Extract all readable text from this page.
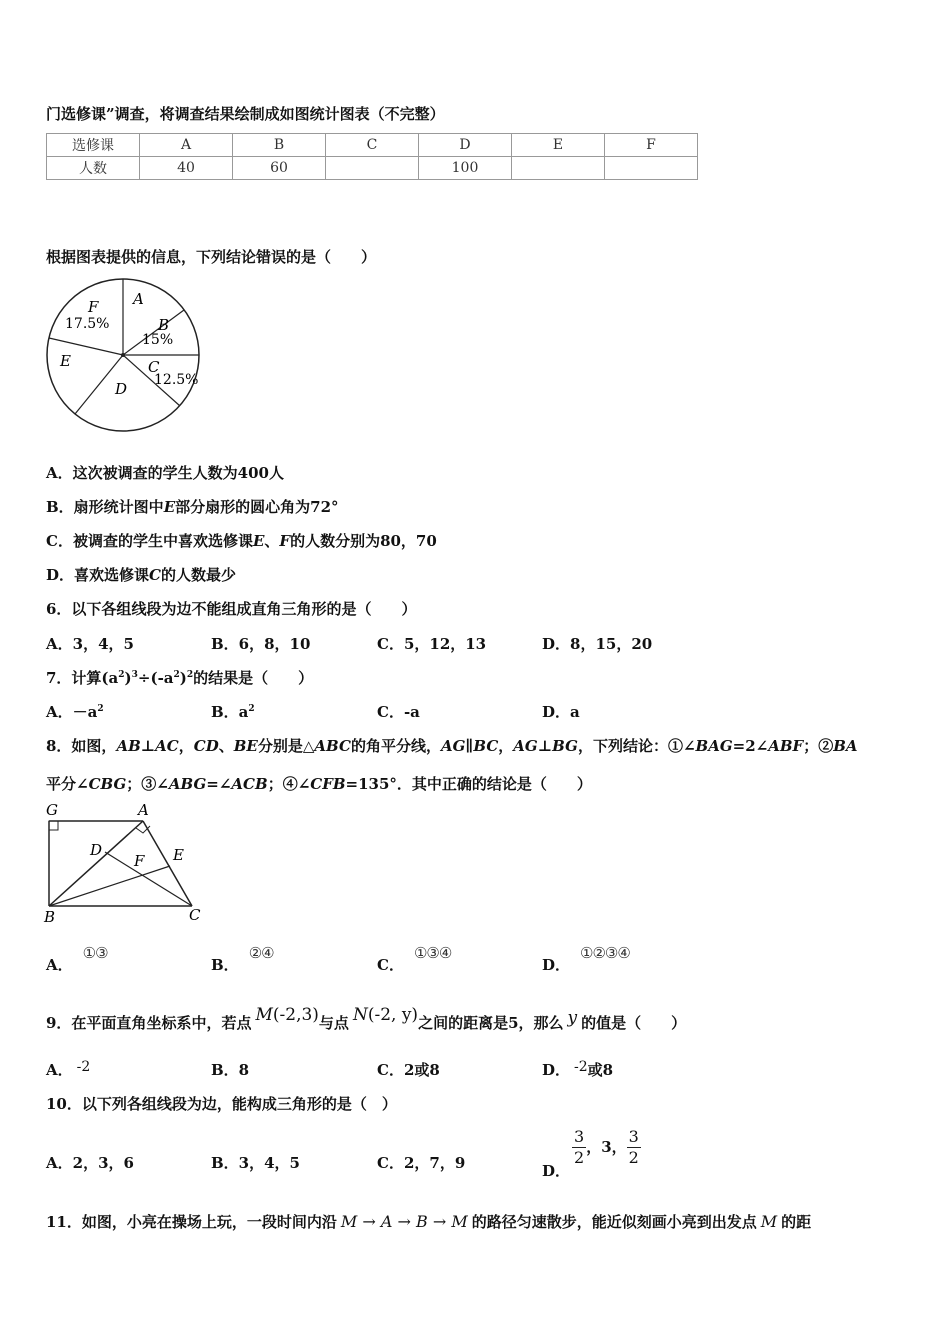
门选修课”调查，将调查结果绘制成如图统计图表（不完整）
选修课	A	B	C	D	E	F
人数	40	60		100		
根据图表提供的信息，下列结论错误的是（　　）
F
17.5%
A
B
15%
C
12.5%
E
D
A．这次被调查的学生人数为400人
B．扇形统计图中E部分扇形的圆心角为72°
C．被调查的学生中喜欢选修课E、F的人数分别为80，70
D．喜欢选修课C的人数最少
6．以下各组线段为边不能组成直角三角形的是（　　）
A．3，4，5	B．6，8，10	C．5，12，13	D．8，15，20
7．计算$(a^2)^3\div(-a^2)^2$的结果是（　　）
A．$-a^2$	B．$a^2$	C．-a	D．a
8．如图，AB⊥AC，CD、BE分别是△ABC的角平分线，AG∥BC，AG⊥BG，下列结论：①∠BAG=2∠ABF；②BA
平分∠CBG；③∠ABG=∠ACB；④∠CFB=135°．其中正确的结论是（　　）
G	A
D
F E
B	C
A．①③
B．②④
C．①③④
D．①②③④
9．在平面直角坐标系中，若点 M(-2,3)与点 N(-2, y)之间的距离是5，那么 y 的值是（　　）
A． -2	B．8	C．2或8	D． -2或8
10．以下列各组线段为边，能构成三角形的是（　）
A．2，3，6	B．3，4，5	C．2，7，9	D．
$\frac{3}{2}$ ，3， $\frac{3}{2}$
11．如图，小亮在操场上玩，一段时间内沿 M → A → B → M 的路径匀速散步，能近似刻画小亮到出发点 M 的距
